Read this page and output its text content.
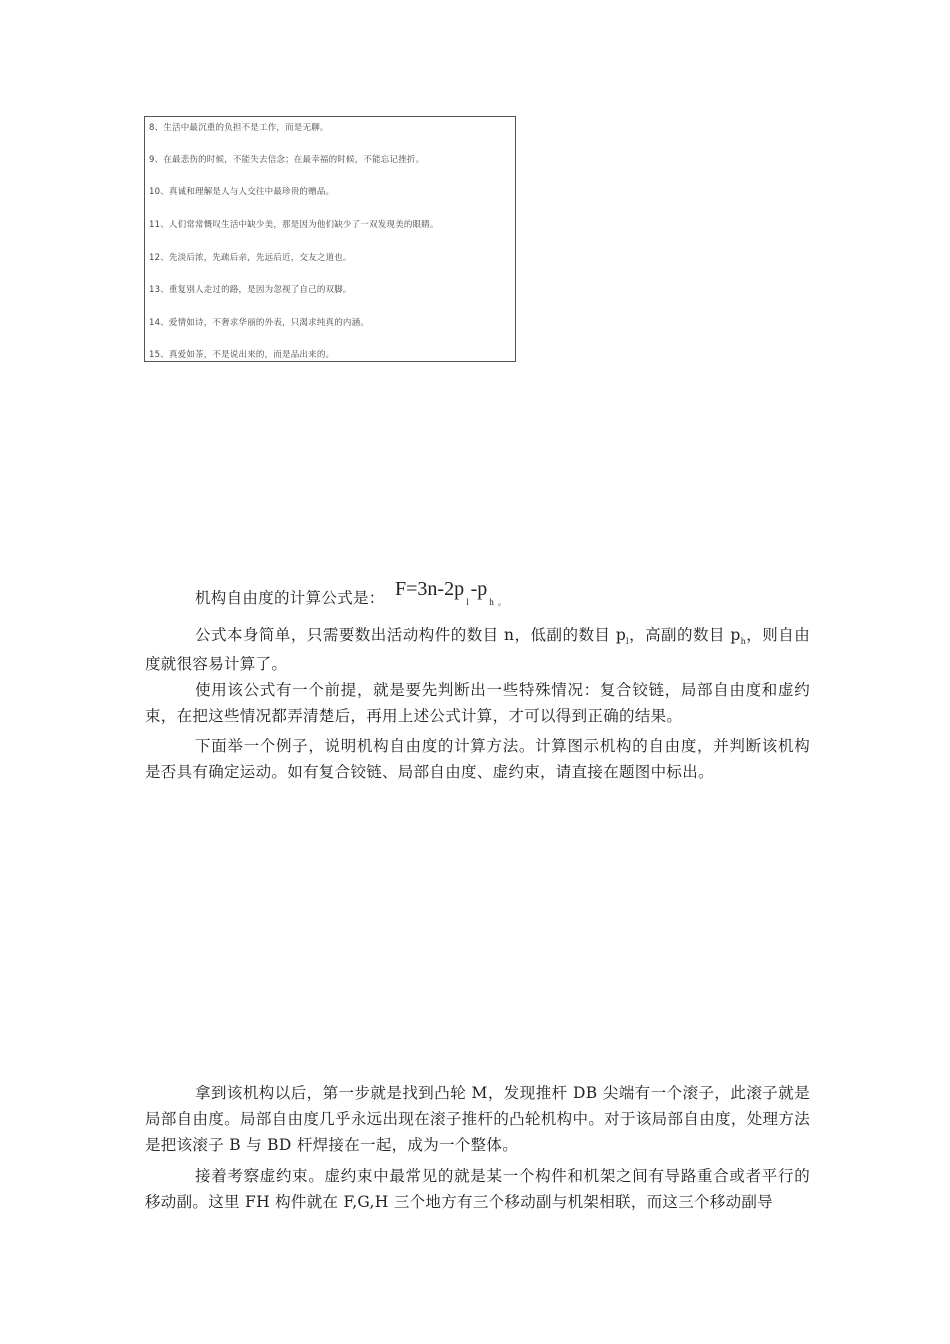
8、生活中最沉重的负担不是工作，而是无聊。
9、在最悲伤的时候，不能失去信念；在最幸福的时候，不能忘记挫折。
10、真诚和理解是人与人交往中最珍贵的赠品。
11、人们常常慨叹生活中缺少美，那是因为他们缺少了一双发现美的眼睛。
12、先淡后浓，先疏后亲，先远后近，交友之道也。
13、重复别人走过的路，是因为忽视了自己的双脚。
14、爱情如诗，不奢求华丽的外表，只渴求纯真的内涵。
15、真爱如茶，不是说出来的，而是品出来的。
机构自由度的计算公式是： $F=3n-2p_l-p_h$ $_。$

公式本身简单，只需要数出活动构件的数目 n，低副的数目 $p_l$，高副的数目 $p_h$，则自由度就很容易计算了。

使用该公式有一个前提，就是要先判断出一些特殊情况：复合铰链，局部自由度和虚约束，在把这些情况都弄清楚后，再用上述公式计算，才可以得到正确的结果。

下面举一个例子，说明机构自由度的计算方法。计算图示机构的自由度，并判断该机构是否具有确定运动。如有复合铰链、局部自由度、虚约束，请直接在题图中标出。

拿到该机构以后，第一步就是找到凸轮 M，发现推杆 DB 尖端有一个滚子，此滚子就是局部自由度。局部自由度几乎永远出现在滚子推杆的凸轮机构中。对于该局部自由度，处理方法是把该滚子 B 与 BD 杆焊接在一起，成为一个整体。

接着考察虚约束。虚约束中最常见的就是某一个构件和机架之间有导路重合或者平行的移动副。这里 FH 构件就在 F,G,H 三个地方有三个移动副与机架相联，而这三个移动副导
